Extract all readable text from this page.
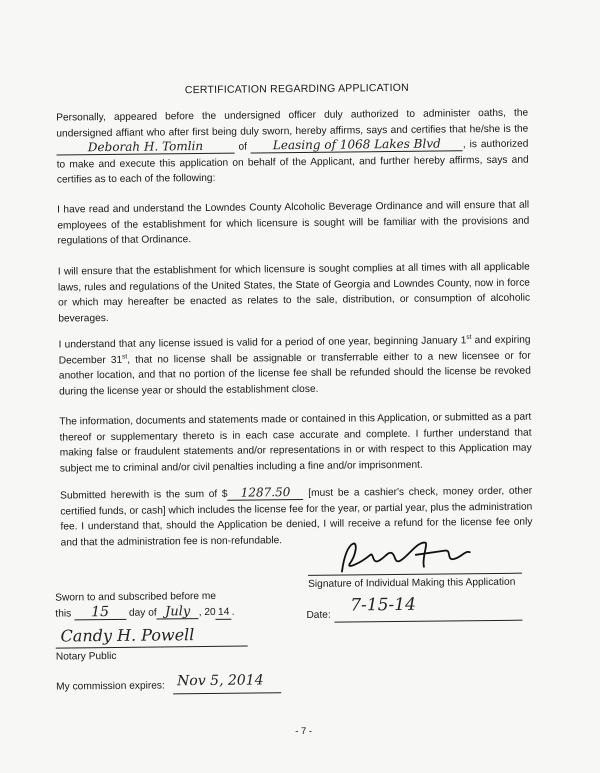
CERTIFICATION REGARDING APPLICATION
Personally, appeared before the undersigned officer duly authorized to administer oaths, the undersigned affiant who after first being duly sworn, hereby affirms, says and certifies that he/she is the Deborah H. Tomlin	of Leasing of 1068 Lakes Blvd , is authorized to make and execute this application on behalf of the Applicant, and further hereby affirms, says and certifies as to each of the following:
I have read and understand the Lowndes County Alcoholic Beverage Ordinance and will ensure that all employees of the establishment for which licensure is sought will be familiar with the provisions and regulations of that Ordinance.
I will ensure that the establishment for which licensure is sought complies at all times with all applicable laws, rules and regulations of the United States, the State of Georgia and Lowndes County, now in force or which may hereafter be enacted as relates to the sale, distribution, or consumption of alcoholic beverages.
I understand that any license issued is valid for a period of one year, beginning January 1st and expiring December 31st, that no license shall be assignable or transferrable either to a new licensee or for another location, and that no portion of the license fee shall be refunded should the license be revoked during the license year or should the establishment close.
The information, documents and statements made or contained in this Application, or submitted as a part thereof or supplementary thereto is in each case accurate and complete. I further understand that making false or fraudulent statements and/or representations in or with respect to this Application may subject me to criminal and/or civil penalties including a fine and/or imprisonment.
Submitted herewith is the sum of $ 1287.50 [must be a cashier's check, money order, other certified funds, or cash] which includes the license fee for the year, or partial year, plus the administration fee. I understand that, should the Application be denied, I will receive a refund for the license fee only and that the administration fee is non-refundable.
Signature of Individual Making this Application
Date: 7-15-14
Sworn to and subscribed before me
this 15 day of July , 20 14 .
Candy H. Powell
Notary Public
My commission expires: Nov 5, 2014
- 7 -
